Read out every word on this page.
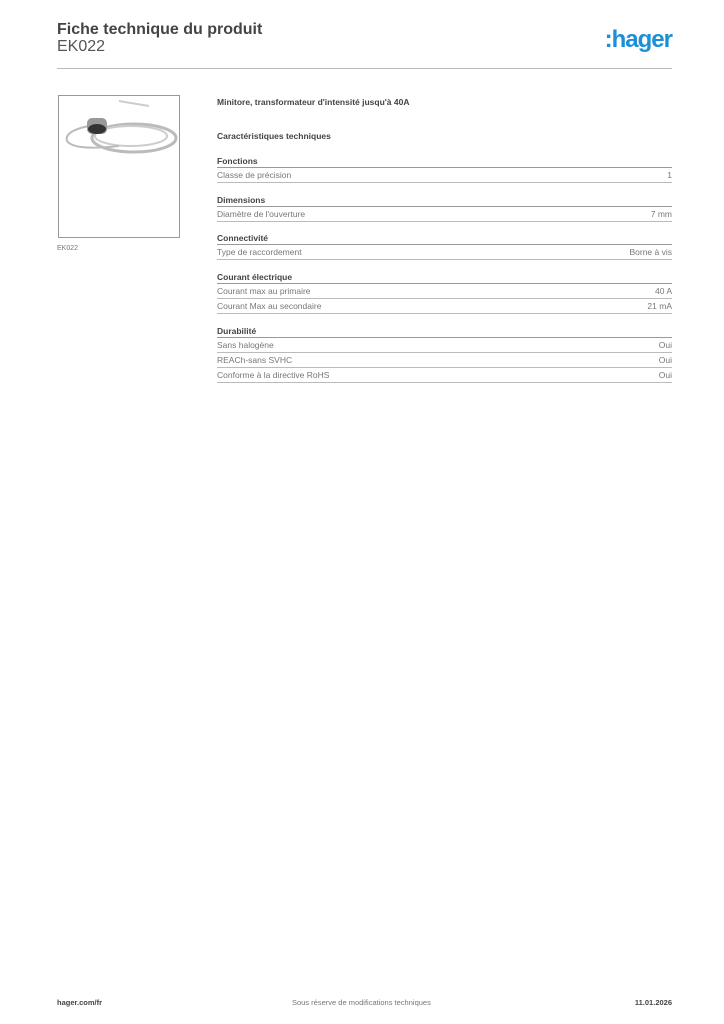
Fiche technique du produit
EK022	:hager
EK022
Minitore, transformateur d'intensité jusqu'à 40A
Caractéristiques techniques
Fonctions
Classe de précision	1
Dimensions
Diamètre de l'ouverture	7 mm
Connectivité
Type de raccordement	Borne à vis
Courant électrique
Courant max au primaire	40 A
Courant Max au secondaire	21 mA
Durabilité
Sans halogène	Oui
REACh-sans SVHC	Oui
Conforme à la directive RoHS	Oui
hager.com/fr	Sous réserve de modifications techniques	11.01.2026
